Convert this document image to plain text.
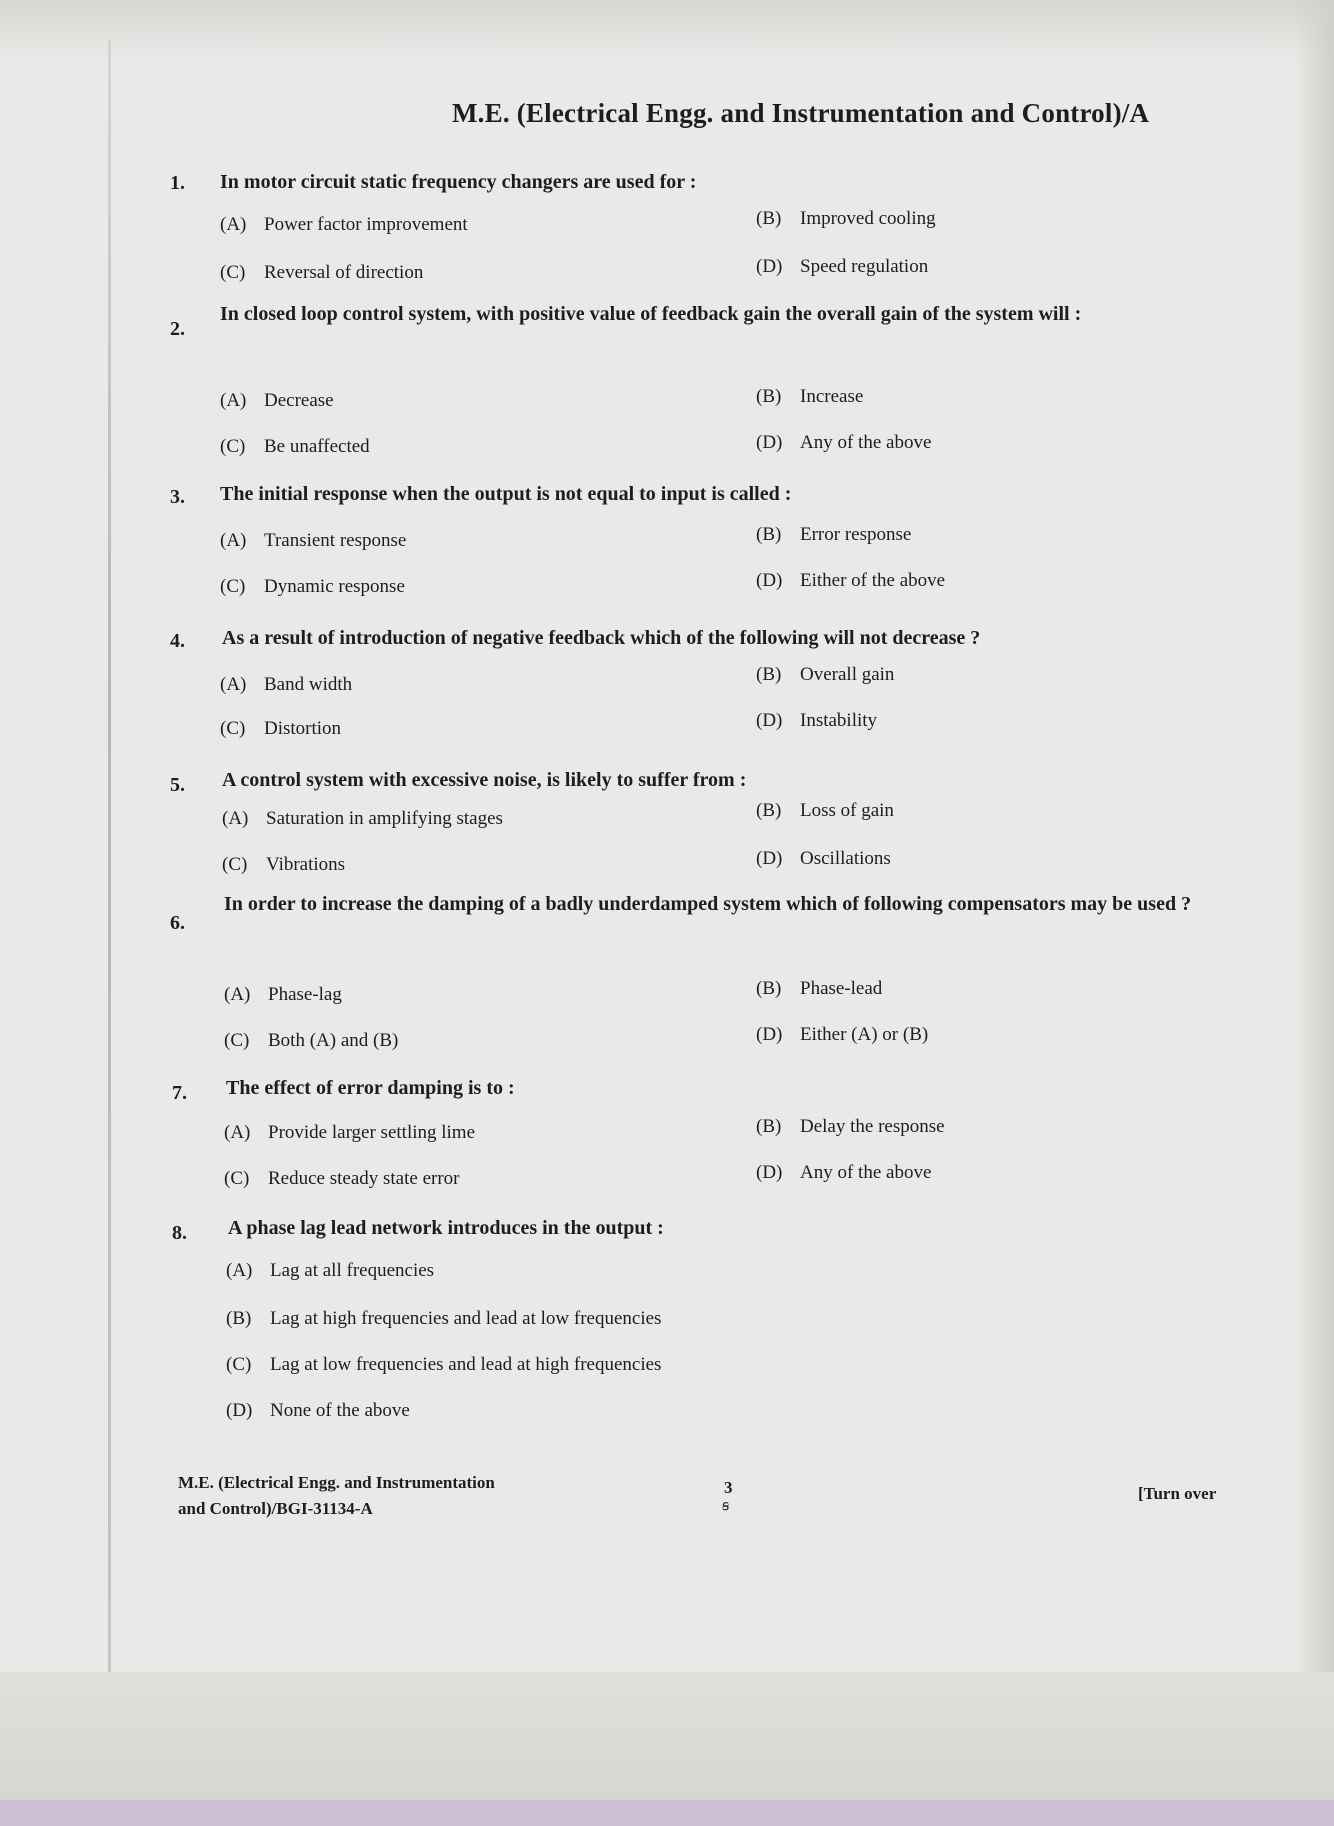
M.E. (Electrical Engg. and Instrumentation and Control)/A
1. In motor circuit static frequency changers are used for :
(A) Power factor improvement	(B) Improved cooling
(C) Reversal of direction	(D) Speed regulation
2.
In closed loop control system, with positive value of feedback gain the overall gain of the system will :
(A) Decrease	(B) Increase
(C) Be unaffected	(D) Any of the above
3. The initial response when the output is not equal to input is called :
(A) Transient response	(B) Error response
(C) Dynamic response	(D) Either of the above
4. As a result of introduction of negative feedback which of the following will not decrease ?
(A) Band width	(B) Overall gain
(C) Distortion	(D) Instability
5. A control system with excessive noise, is likely to suffer from :
(A) Saturation in amplifying stages	(B) Loss of gain
(C) Vibrations	(D) Oscillations
6.
In order to increase the damping of a badly underdamped system which of following compensators may be used ?
(A) Phase-lag	(B) Phase-lead
(C) Both (A) and (B)	(D) Either (A) or (B)
7. The effect of error damping is to :
(A) Provide larger settling lime	(B) Delay the response
(C) Reduce steady state error	(D) Any of the above
8. A phase lag lead network introduces in the output :
(A) Lag at all frequencies
(B) Lag at high frequencies and lead at low frequencies
(C) Lag at low frequencies and lead at high frequencies
(D) None of the above
M.E. (Electrical Engg. and Instrumentation
and Control)/BGI-31134-A
3
ꞩ
[Turn over
